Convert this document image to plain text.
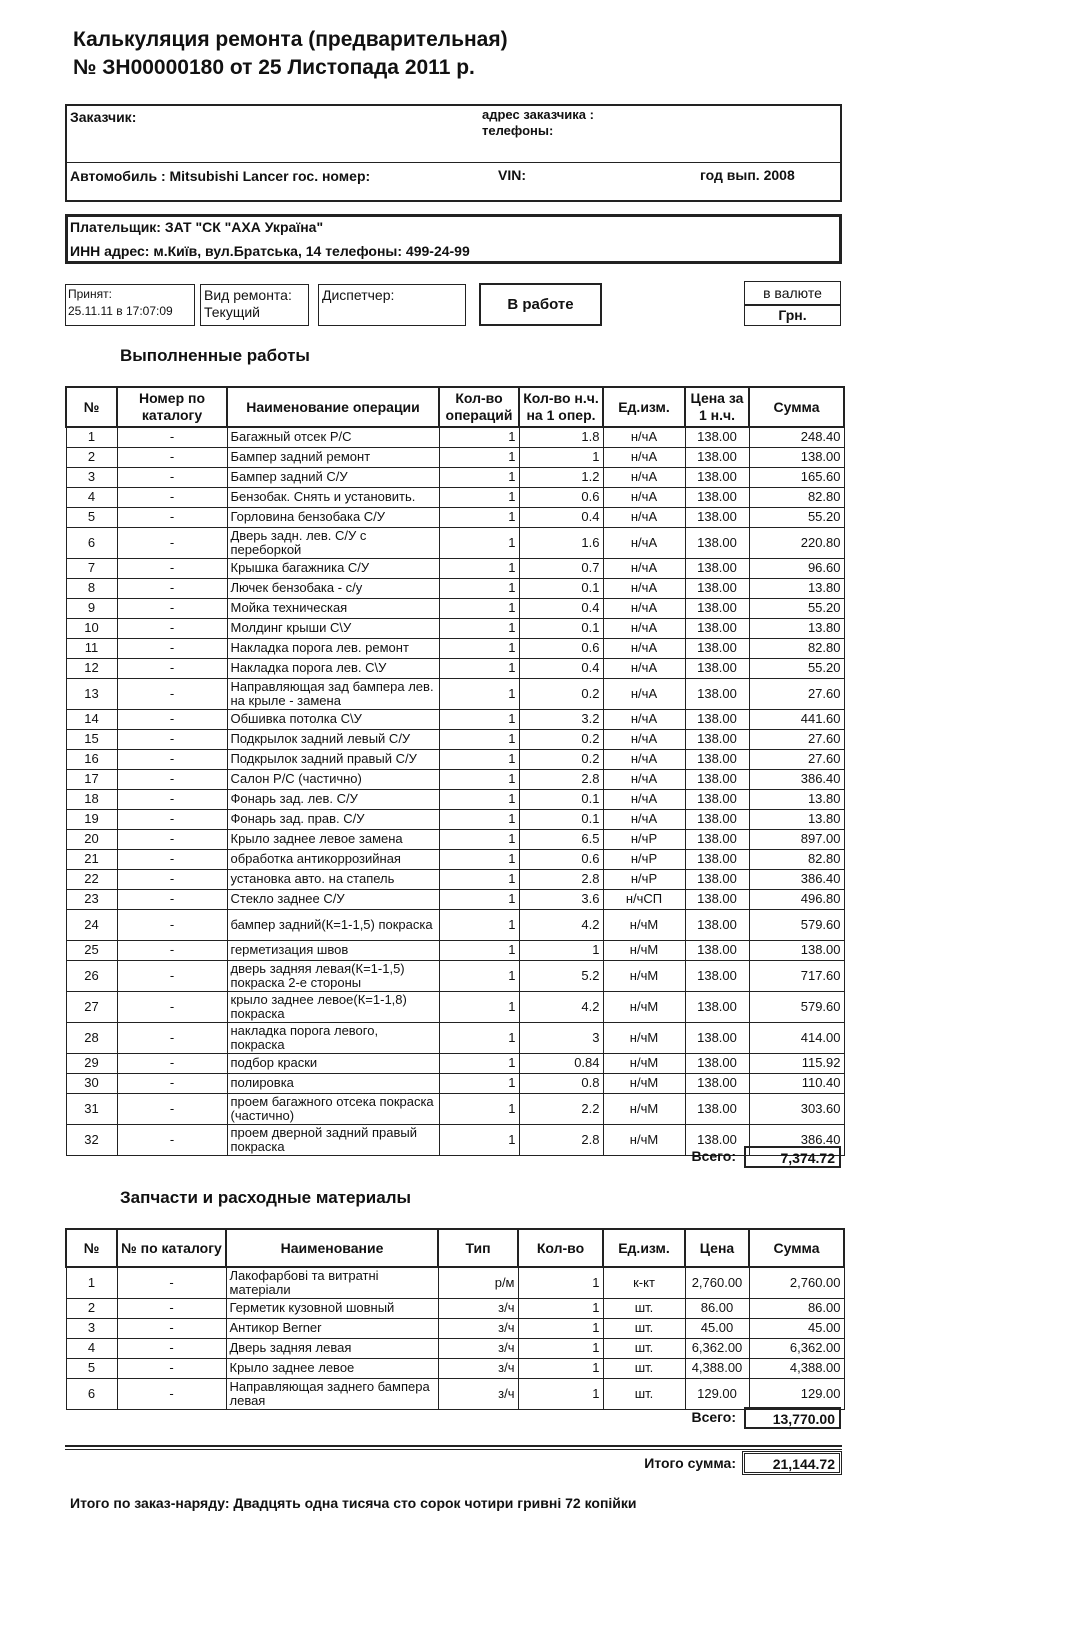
Калькуляция ремонта (предварительная)
№ ЗН00000180 от 25 Листопада 2011 р.
Заказчик:	адрес заказчика :
телефоны:
Автомобиль : Mitsubishi Lancer гос. номер:	VIN:	год вып. 2008
Плательщик: ЗАТ "СК "АХА Україна"
ИНН адрес: м.Київ, вул.Братська, 14 телефоны: 499-24-99
Принят:
25.11.11 в 17:07:09
Вид ремонта:
Текущий
Диспетчер:
В работе
в валюте
Грн.
Выполненные работы
№	Номер по каталогу	Наименование операции	Кол-во операций	Кол-во н.ч. на 1 опер.	Ед.изм.	Цена за 1 н.ч.	Сумма
1	-	Багажный отсек Р/С	1	1.8	н/чА	138.00	248.40
2	-	Бампер задний ремонт	1	1	н/чА	138.00	138.00
3	-	Бампер задний С/У	1	1.2	н/чА	138.00	165.60
4	-	Бензобак. Снять и установить.	1	0.6	н/чА	138.00	82.80
5	-	Горловина бензобака С/У	1	0.4	н/чА	138.00	55.20
6	-	Дверь задн. лев. С/У с переборкой	1	1.6	н/чА	138.00	220.80
7	-	Крышка багажника С/У	1	0.7	н/чА	138.00	96.60
8	-	Лючек бензобака - с/у	1	0.1	н/чА	138.00	13.80
9	-	Мойка техническая	1	0.4	н/чА	138.00	55.20
10	-	Молдинг крыши С\У	1	0.1	н/чА	138.00	13.80
11	-	Накладка порога лев. ремонт	1	0.6	н/чА	138.00	82.80
12	-	Накладка порога лев. С\У	1	0.4	н/чА	138.00	55.20
13	-	Направляющая зад бампера лев. на крыле - замена	1	0.2	н/чА	138.00	27.60
14	-	Обшивка потолка С\У	1	3.2	н/чА	138.00	441.60
15	-	Подкрылок задний левый С/У	1	0.2	н/чА	138.00	27.60
16	-	Подкрылок задний правый С/У	1	0.2	н/чА	138.00	27.60
17	-	Салон Р/С (частично)	1	2.8	н/чА	138.00	386.40
18	-	Фонарь зад. лев. С/У	1	0.1	н/чА	138.00	13.80
19	-	Фонарь зад. прав. С/У	1	0.1	н/чА	138.00	13.80
20	-	Крыло заднее левое замена	1	6.5	н/чР	138.00	897.00
21	-	обработка антикоррозийная	1	0.6	н/чР	138.00	82.80
22	-	установка авто. на стапель	1	2.8	н/чР	138.00	386.40
23	-	Стекло заднее С/У	1	3.6	н/чСП	138.00	496.80
24	-	бампер задний(К=1-1,5) покраска	1	4.2	н/чМ	138.00	579.60
25	-	герметизация швов	1	1	н/чМ	138.00	138.00
26	-	дверь задняя левая(К=1-1,5) покраска 2-е стороны	1	5.2	н/чМ	138.00	717.60
27	-	крыло заднее левое(К=1-1,8) покраска	1	4.2	н/чМ	138.00	579.60
28	-	накладка порога левого, покраска	1	3	н/чМ	138.00	414.00
29	-	подбор краски	1	0.84	н/чМ	138.00	115.92
30	-	полировка	1	0.8	н/чМ	138.00	110.40
31	-	проем багажного отсека покраска (частично)	1	2.2	н/чМ	138.00	303.60
32	-	проем дверной задний правый покраска	1	2.8	н/чМ	138.00	386.40
Всего:	7,374.72
Запчасти и расходные материалы
№	№ по каталогу	Наименование	Тип	Кол-во	Ед.изм.	Цена	Сумма
1	-	Лакофарбові та витратні матеріали	р/м	1	к-кт	2,760.00	2,760.00
2	-	Герметик кузовной шовный	з/ч	1	шт.	86.00	86.00
3	-	Антикор Berner	з/ч	1	шт.	45.00	45.00
4	-	Дверь задняя левая	з/ч	1	шт.	6,362.00	6,362.00
5	-	Крыло заднее левое	з/ч	1	шт.	4,388.00	4,388.00
6	-	Направляющая заднего бампера левая	з/ч	1	шт.	129.00	129.00
Всего:	13,770.00
Итого сумма:	21,144.72
Итого по заказ-наряду: Двадцять одна тисяча сто сорок чотири гривні 72 копійки
